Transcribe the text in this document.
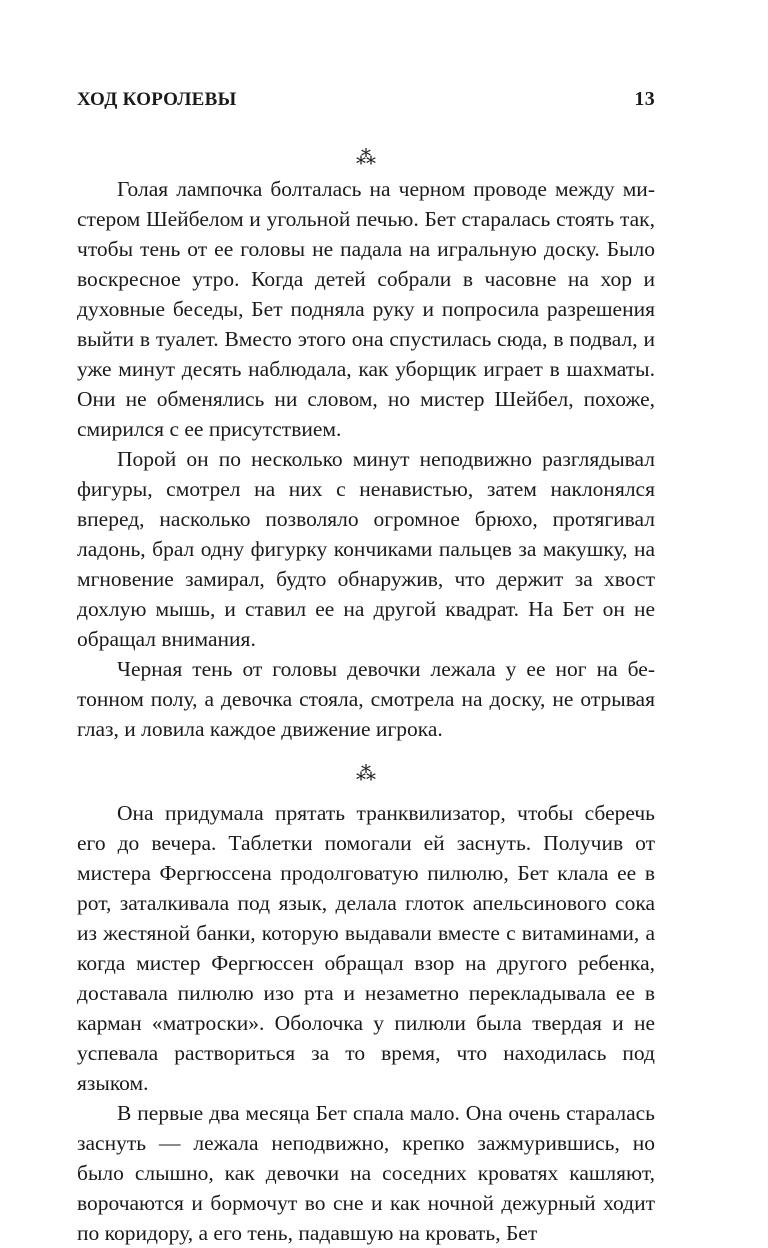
ХОД КОРОЛЕВЫ	13
⁂

Голая лампочка болталась на черном проводе между мистером Шейбелом и угольной печью. Бет старалась стоять так, чтобы тень от ее головы не падала на игральную доску. Было воскресное утро. Когда детей собрали в часовне на хор и духовные беседы, Бет подняла руку и попросила разрешения выйти в туалет. Вместо этого она спустилась сюда, в подвал, и уже минут десять наблюдала, как уборщик играет в шахматы. Они не обменялись ни словом, но мистер Шейбел, похоже, смирился с ее присутствием.

Порой он по несколько минут неподвижно разглядывал фигуры, смотрел на них с ненавистью, затем наклонялся вперед, насколько позволяло огромное брюхо, протягивал ладонь, брал одну фигурку кончиками пальцев за макушку, на мгновение замирал, будто обнаружив, что держит за хвост дохлую мышь, и ставил ее на другой квадрат. На Бет он не обращал внимания.

Черная тень от головы девочки лежала у ее ног на бетонном полу, а девочка стояла, смотрела на доску, не отрывая глаз, и ловила каждое движение игрока.

⁂

Она придумала прятать транквилизатор, чтобы сберечь его до вечера. Таблетки помогали ей заснуть. Получив от мистера Фергюссена продолговатую пилюлю, Бет клала ее в рот, заталкивала под язык, делала глоток апельсинового сока из жестяной банки, которую выдавали вместе с витаминами, а когда мистер Фергюссен обращал взор на другого ребенка, доставала пилюлю изо рта и незаметно перекладывала ее в карман «матроски». Оболочка у пилюли была твердая и не успевала раствориться за то время, что находилась под языком.

В первые два месяца Бет спала мало. Она очень старалась заснуть — лежала неподвижно, крепко зажмурившись, но было слышно, как девочки на соседних кроватях кашляют, ворочаются и бормочут во сне и как ночной дежурный ходит по коридору, а его тень, падавшую на кровать, Бет
